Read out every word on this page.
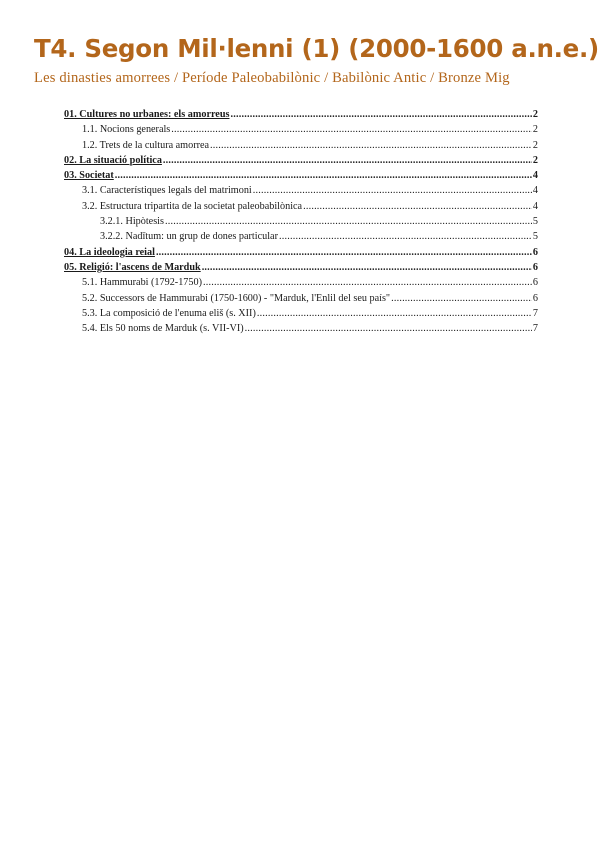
T4. Segon Mil·lenni (1) (2000-1600 a.n.e.)
Les dinasties amorrees / Període Paleobabilònic / Babilònic Antic / Bronze Mig
01. Cultures no urbanes: els amorreus .....	2
1.1. Nocions generals .....	2
1.2. Trets de la cultura amorrea .....	2
02. La situació política .....	2
03. Societat .....	4
3.1. Característiques legals del matrimoni .....	4
3.2. Estructura tripartita de la societat paleobabilònica .....	4
3.2.1. Hipòtesis .....	5
3.2.2. Nadītum: un grup de dones particular .....	5
04. La ideologia reial .....	6
05. Religió: l'ascens de Marduk .....	6
5.1. Hammurabi (1792-1750) .....	6
5.2. Successors de Hammurabi (1750-1600) - "Marduk, l'Enlil del seu país" .....	6
5.3. La composició de l'enuma eliš (s. XII) .....	7
5.4. Els 50 noms de Marduk (s. VII-VI) .....	7
